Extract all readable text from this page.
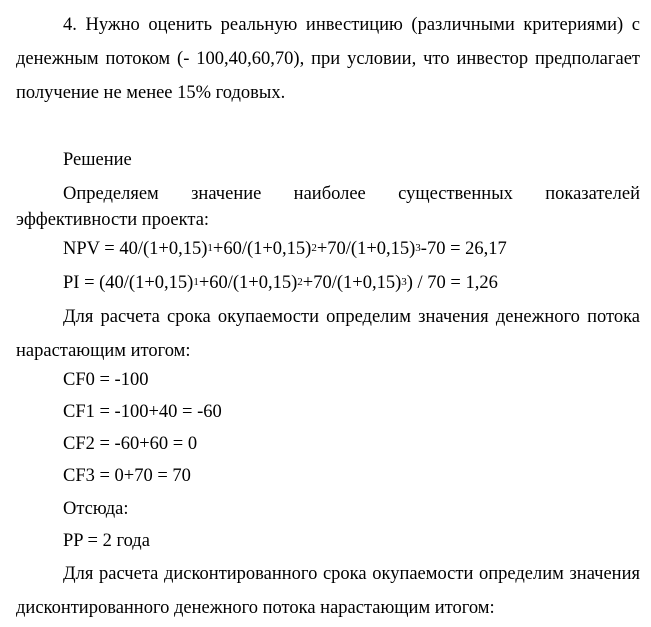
4. Нужно оценить реальную инвестицию (различными критериями) с
денежным потоком (- 100,40,60,70), при условии, что инвестор предполагает
получение не менее 15% годовых.
Решение
Определяем значение наиболее существенных показателей
эффективности проекта:
NPV = $40/(1+0,15)^1+60/(1+0,15)^2+70/(1+0,15)^3-70 = 26,17$
PI = $(40/(1+0,15)^1+60/(1+0,15)^2+70/(1+0,15)^3) / 70 = 1,26$
Для расчета срока окупаемости определим значения денежного потока
нарастающим итогом:
CF0 = -100
CF1 = -100+40 = -60
CF2 = -60+60 = 0
CF3 = 0+70 = 70
Отсюда:
PP = 2 года
Для расчета дисконтированного срока окупаемости определим значения
дисконтированного денежного потока нарастающим итогом:
